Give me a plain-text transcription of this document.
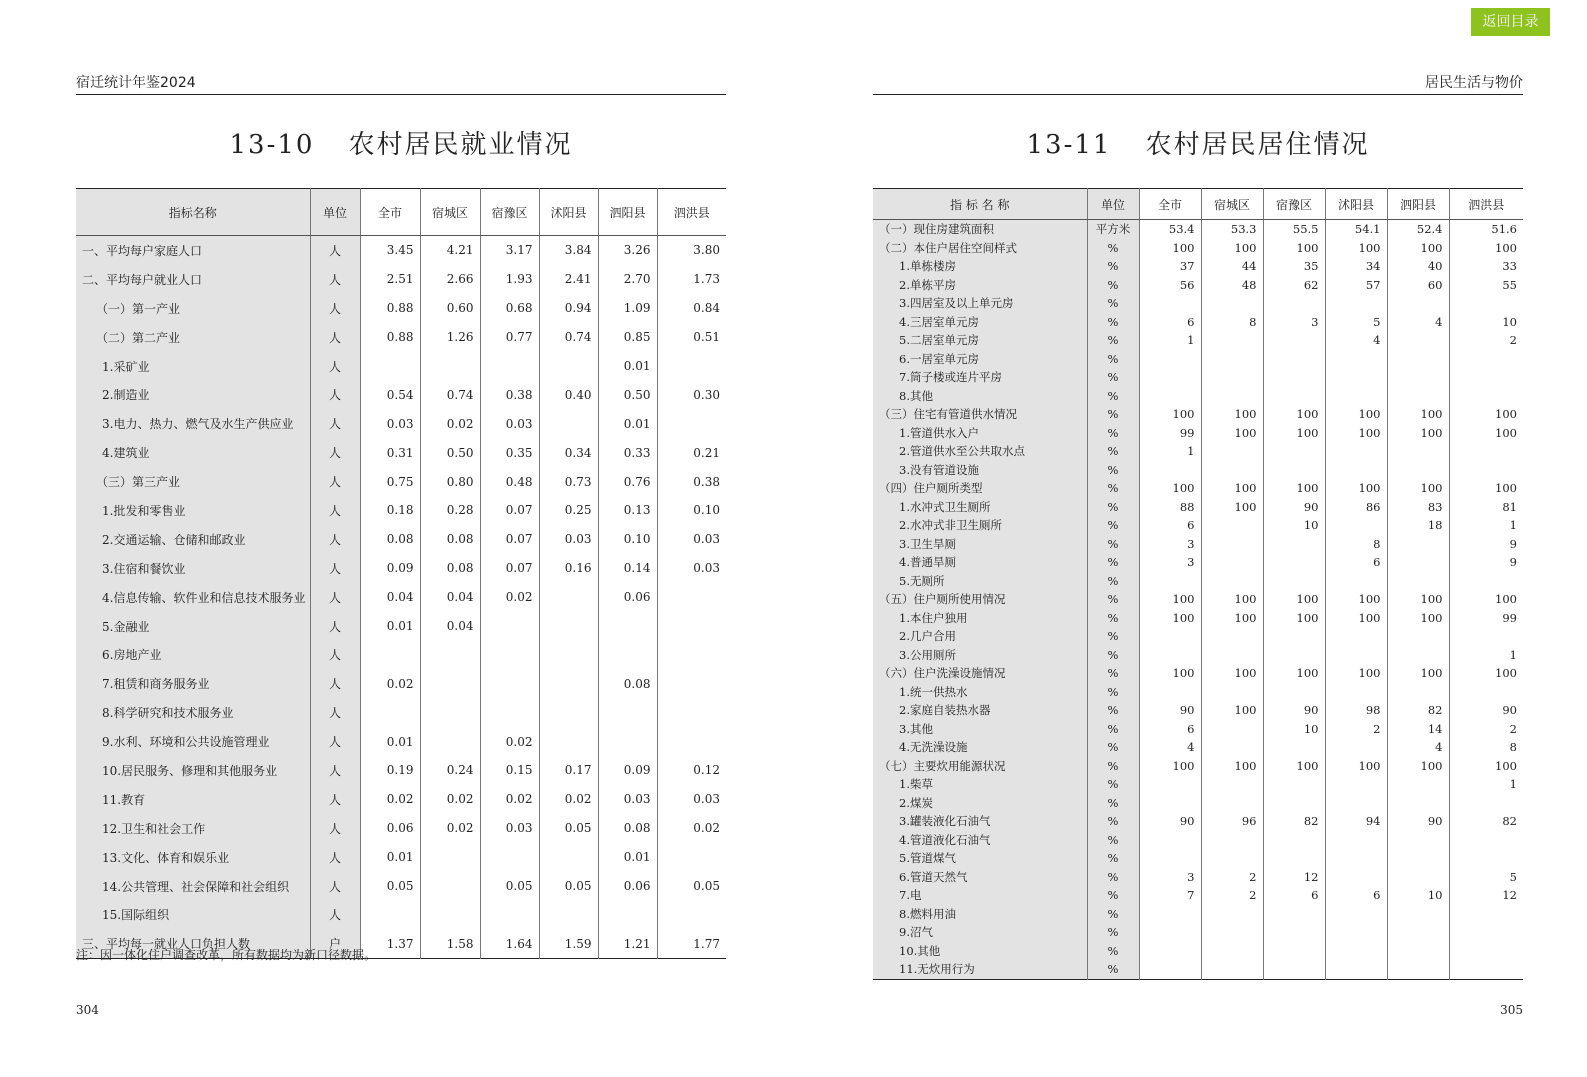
返回目录
宿迁统计年鉴2024
13-10 农村居民就业情况
指标名称	单位	全市	宿城区	宿豫区	沭阳县	泗阳县	泗洪县
一、平均每户家庭人口	人	3.45	4.21	3.17	3.84	3.26	3.80
二、平均每户就业人口	人	2.51	2.66	1.93	2.41	2.70	1.73
（一）第一产业	人	0.88	0.60	0.68	0.94	1.09	0.84
（二）第二产业	人	0.88	1.26	0.77	0.74	0.85	0.51
1.采矿业	人					0.01	
2.制造业	人	0.54	0.74	0.38	0.40	0.50	0.30
3.电力、热力、燃气及水生产供应业	人	0.03	0.02	0.03		0.01	
4.建筑业	人	0.31	0.50	0.35	0.34	0.33	0.21
（三）第三产业	人	0.75	0.80	0.48	0.73	0.76	0.38
1.批发和零售业	人	0.18	0.28	0.07	0.25	0.13	0.10
2.交通运输、仓储和邮政业	人	0.08	0.08	0.07	0.03	0.10	0.03
3.住宿和餐饮业	人	0.09	0.08	0.07	0.16	0.14	0.03
4.信息传输、软件业和信息技术服务业	人	0.04	0.04	0.02		0.06	
5.金融业	人	0.01	0.04				
6.房地产业	人						
7.租赁和商务服务业	人	0.02				0.08	
8.科学研究和技术服务业	人						
9.水利、环境和公共设施管理业	人	0.01		0.02			
10.居民服务、修理和其他服务业	人	0.19	0.24	0.15	0.17	0.09	0.12
11.教育	人	0.02	0.02	0.02	0.02	0.03	0.03
12.卫生和社会工作	人	0.06	0.02	0.03	0.05	0.08	0.02
13.文化、体育和娱乐业	人	0.01				0.01	
14.公共管理、社会保障和社会组织	人	0.05		0.05	0.05	0.06	0.05
15.国际组织	人						
三、平均每一就业人口负担人数	户	1.37	1.58	1.64	1.59	1.21	1.77
注：因一体化住户调查改革，所有数据均为新口径数据。
304
居民生活与物价
13-11 农村居民居住情况
指 标 名 称	单位	全市	宿城区	宿豫区	沭阳县	泗阳县	泗洪县
（一）现住房建筑面积	平方米	53.4	53.3	55.5	54.1	52.4	51.6
（二）本住户居住空间样式	%	100	100	100	100	100	100
1.单栋楼房	%	37	44	35	34	40	33
2.单栋平房	%	56	48	62	57	60	55
3.四居室及以上单元房	%						
4.三居室单元房	%	6	8	3	5	4	10
5.二居室单元房	%	1			4		2
6.一居室单元房	%						
7.筒子楼或连片平房	%						
8.其他	%						
（三）住宅有管道供水情况	%	100	100	100	100	100	100
1.管道供水入户	%	99	100	100	100	100	100
2.管道供水至公共取水点	%	1					
3.没有管道设施	%						
（四）住户厕所类型	%	100	100	100	100	100	100
1.水冲式卫生厕所	%	88	100	90	86	83	81
2.水冲式非卫生厕所	%	6		10		18	1
3.卫生旱厕	%	3			8		9
4.普通旱厕	%	3			6		9
5.无厕所	%						
（五）住户厕所使用情况	%	100	100	100	100	100	100
1.本住户独用	%	100	100	100	100	100	99
2.几户合用	%						
3.公用厕所	%						1
（六）住户洗澡设施情况	%	100	100	100	100	100	100
1.统一供热水	%						
2.家庭自装热水器	%	90	100	90	98	82	90
3.其他	%	6		10	2	14	2
4.无洗澡设施	%	4				4	8
（七）主要炊用能源状况	%	100	100	100	100	100	100
1.柴草	%						1
2.煤炭	%						
3.罐装液化石油气	%	90	96	82	94	90	82
4.管道液化石油气	%						
5.管道煤气	%						
6.管道天然气	%	3	2	12			5
7.电	%	7	2	6	6	10	12
8.燃料用油	%						
9.沼气	%						
10.其他	%						
11.无炊用行为	%						
305
